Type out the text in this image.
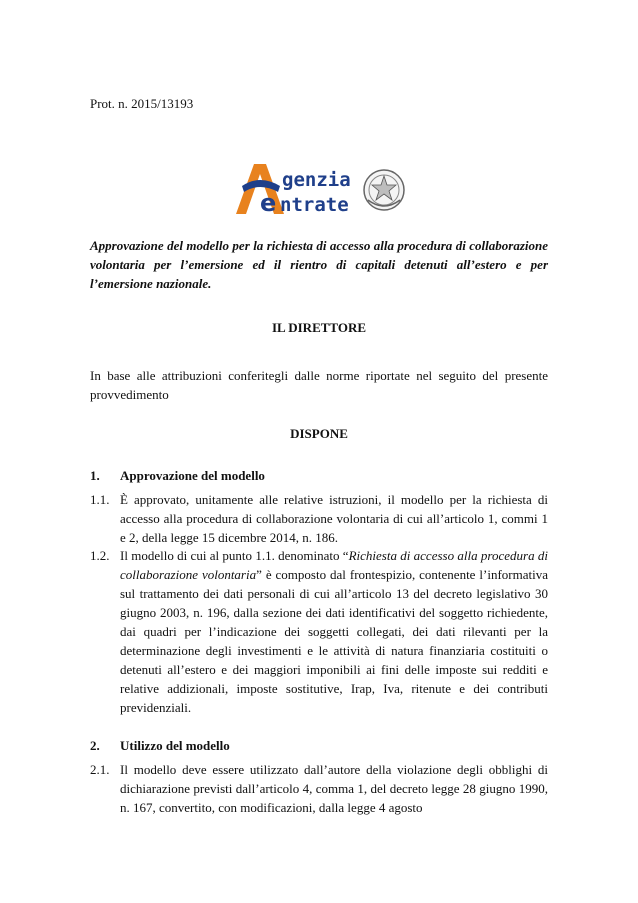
Prot. n. 2015/13193
genzia
e ntrate
Approvazione del modello per la richiesta di accesso alla procedura di collaborazione volontaria per l’emersione ed il rientro di capitali detenuti all’estero e per l’emersione nazionale.
IL DIRETTORE
In base alle attribuzioni conferitegli dalle norme riportate nel seguito del presente provvedimento
DISPONE
1. Approvazione del modello
1.1. È approvato, unitamente alle relative istruzioni, il modello per la richiesta di accesso alla procedura di collaborazione volontaria di cui all’articolo 1, commi 1 e 2, della legge 15 dicembre 2014, n. 186.
1.2. Il modello di cui al punto 1.1. denominato “Richiesta di accesso alla procedura di collaborazione volontaria” è composto dal frontespizio, contenente l’informativa sul trattamento dei dati personali di cui all’articolo 13 del decreto legislativo 30 giugno 2003, n. 196, dalla sezione dei dati identificativi del soggetto richiedente, dai quadri per l’indicazione dei soggetti collegati, dei dati rilevanti per la determinazione degli investimenti e le attività di natura finanziaria costituiti o detenuti all’estero e dei maggiori imponibili ai fini delle imposte sui redditi e relative addizionali, imposte sostitutive, Irap, Iva, ritenute e dei contributi previdenziali.
2. Utilizzo del modello
2.1. Il modello deve essere utilizzato dall’autore della violazione degli obblighi di dichiarazione previsti dall’articolo 4, comma 1, del decreto legge 28 giugno 1990, n. 167, convertito, con modificazioni, dalla legge 4 agosto
